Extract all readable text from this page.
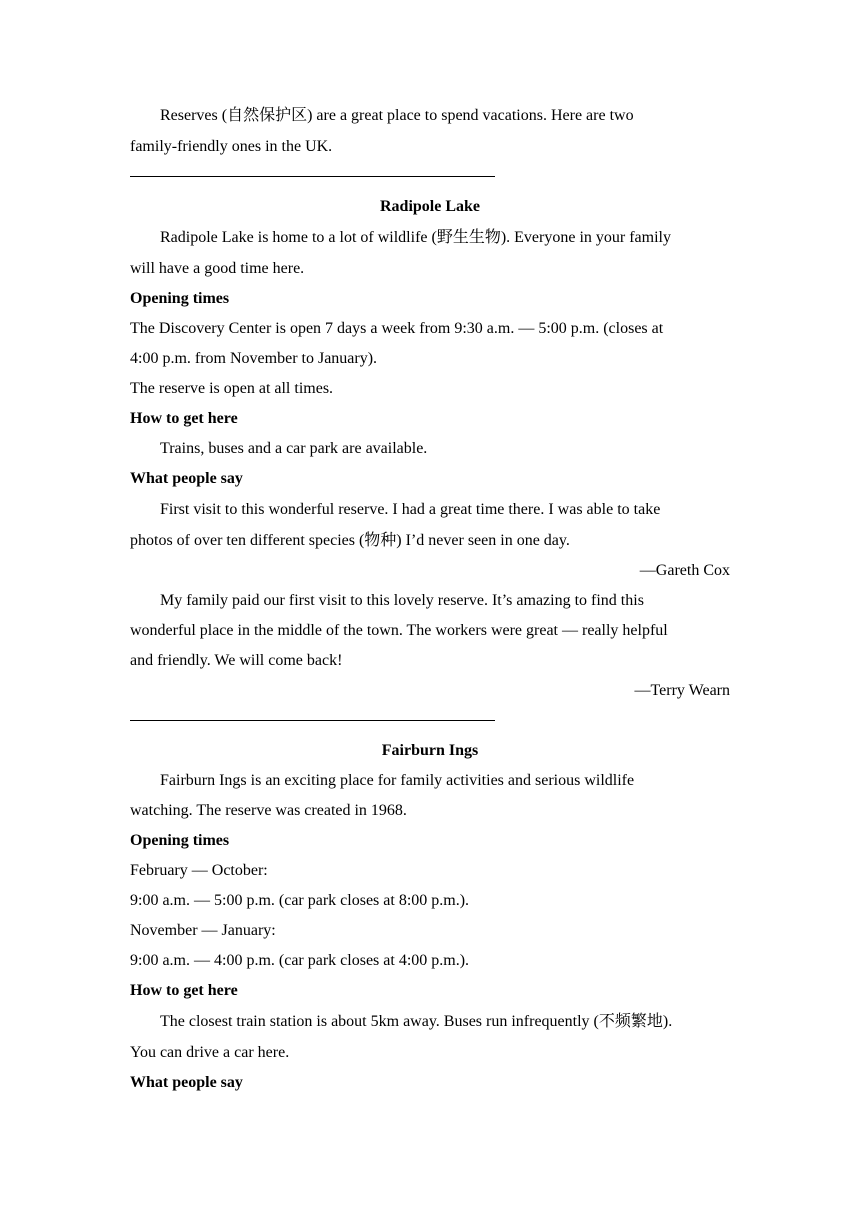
Reserves (自然保护区) are a great place to spend vacations. Here are two
family-friendly ones in the UK.
Radipole Lake
Radipole Lake is home to a lot of wildlife (野生生物). Everyone in your family
will have a good time here.
Opening times
The Discovery Center is open 7 days a week from 9:30 a.m. — 5:00 p.m. (closes at
4:00 p.m. from November to January).
The reserve is open at all times.
How to get here
Trains, buses and a car park are available.
What people say
First visit to this wonderful reserve. I had a great time there. I was able to take
photos of over ten different species (物种) I’d never seen in one day.
—Gareth Cox
My family paid our first visit to this lovely reserve. It’s amazing to find this
wonderful place in the middle of the town. The workers were great — really helpful
and friendly. We will come back!
—Terry Wearn
Fairburn Ings
Fairburn Ings is an exciting place for family activities and serious wildlife
watching. The reserve was created in 1968.
Opening times
February — October:
9:00 a.m. — 5:00 p.m. (car park closes at 8:00 p.m.).
November — January:
9:00 a.m. — 4:00 p.m. (car park closes at 4:00 p.m.).
How to get here
The closest train station is about 5km away. Buses run infrequently (不频繁地).
You can drive a car here.
What people say
